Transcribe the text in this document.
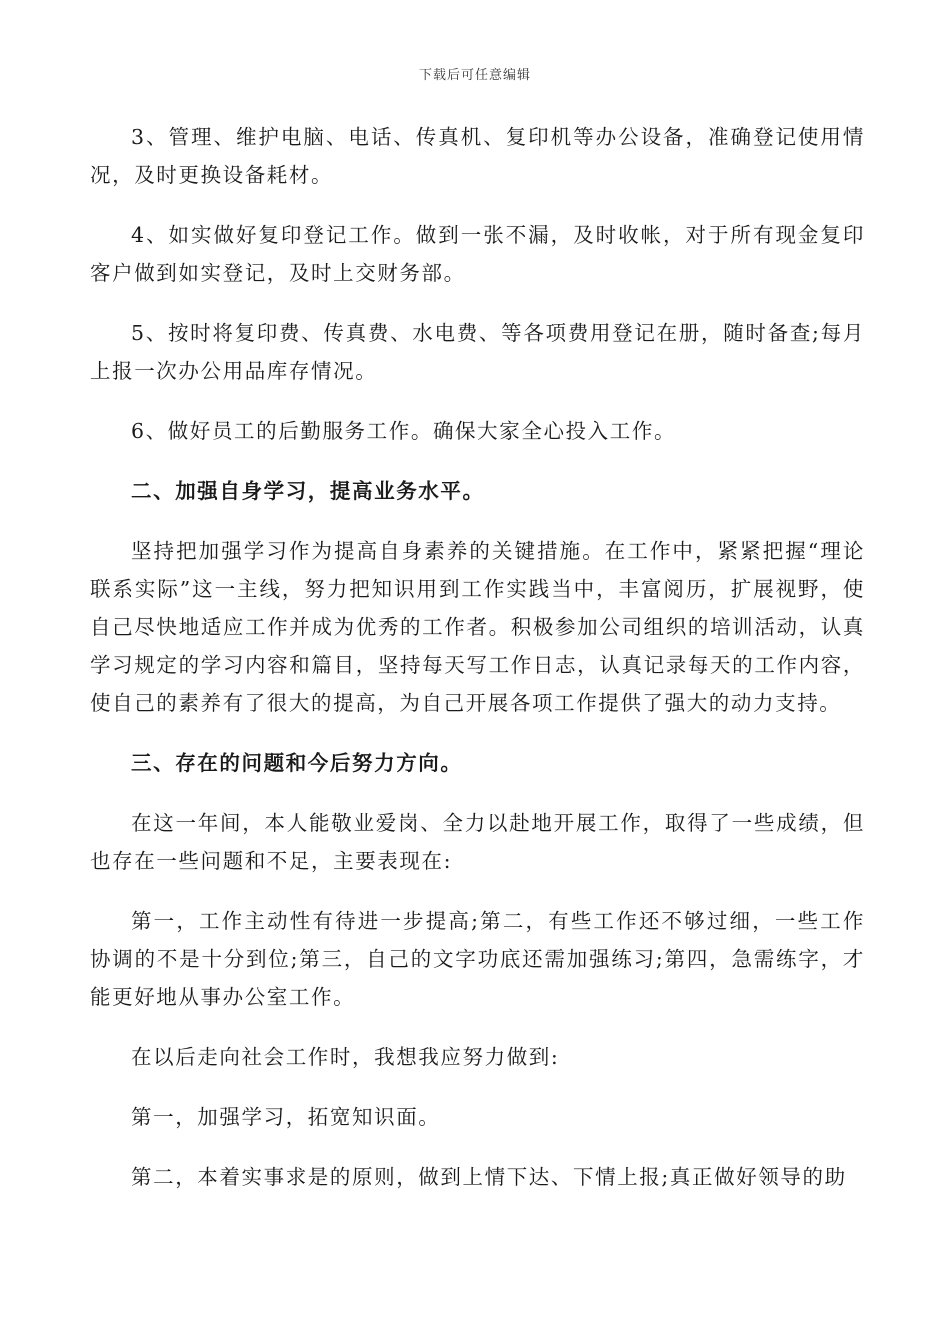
下载后可任意编辑

3、管理、维护电脑、电话、传真机、复印机等办公设备，准确登记使用情况，及时更换设备耗材。

4、如实做好复印登记工作。做到一张不漏，及时收帐，对于所有现金复印客户做到如实登记，及时上交财务部。

5、按时将复印费、传真费、水电费、等各项费用登记在册，随时备查;每月上报一次办公用品库存情况。

6、做好员工的后勤服务工作。确保大家全心投入工作。

二、加强自身学习，提高业务水平。

坚持把加强学习作为提高自身素养的关键措施。在工作中，紧紧把握“理论联系实际”这一主线，努力把知识用到工作实践当中，丰富阅历，扩展视野，使自己尽快地适应工作并成为优秀的工作者。积极参加公司组织的培训活动，认真学习规定的学习内容和篇目，坚持每天写工作日志，认真记录每天的工作内容，使自己的素养有了很大的提高，为自己开展各项工作提供了强大的动力支持。

三、存在的问题和今后努力方向。

在这一年间，本人能敬业爱岗、全力以赴地开展工作，取得了一些成绩，但也存在一些问题和不足，主要表现在:

第一，工作主动性有待进一步提高;第二，有些工作还不够过细，一些工作协调的不是十分到位;第三，自己的文字功底还需加强练习;第四，急需练字，才能更好地从事办公室工作。

在以后走向社会工作时，我想我应努力做到:

第一，加强学习，拓宽知识面。

第二，本着实事求是的原则，做到上情下达、下情上报;真正做好领导的助
